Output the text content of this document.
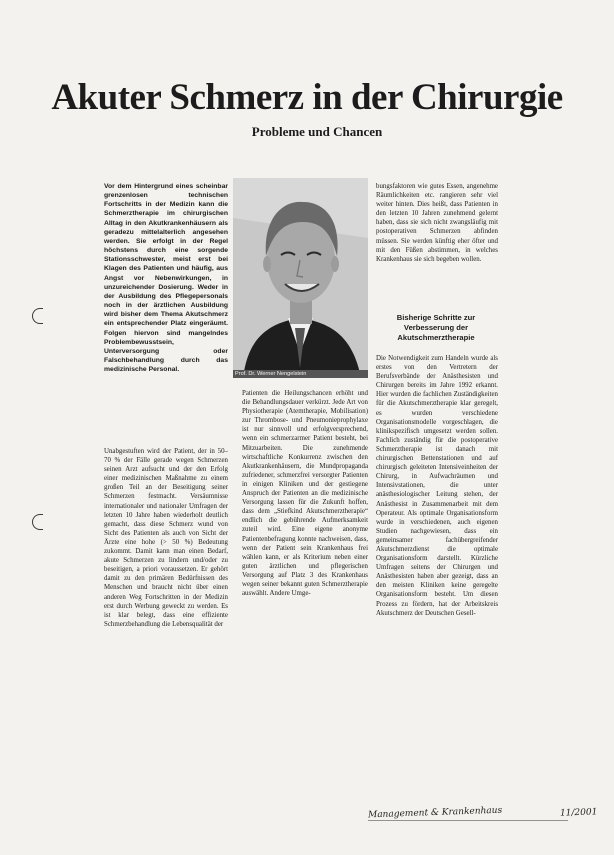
Akuter Schmerz in der Chirurgie
Probleme und Chancen

Vor dem Hintergrund eines scheinbar grenzenlosen technischen Fortschritts in der Medizin kann die Schmerztherapie im chirurgischen Alltag in den Akutkrankenhäusern als geradezu mittelalterlich angesehen werden. Sie erfolgt in der Regel höchstens durch eine sorgende Stationsschwester, meist erst bei Klagen des Patienten und häufig, aus Angst vor Nebenwirkungen, in unzureichender Dosierung. Weder in der Ausbildung des Pflegepersonals noch in der ärztlichen Ausbildung wird bisher dem Thema Akutschmerz ein entsprechender Platz eingeräumt. Folgen hiervon sind mangelndes Problembewusstsein, Unterversorgung oder Falschbehandlung durch das medizinische Personal.

Unabgestuften wird der Patient, der in 50–70 % der Fälle gerade wegen Schmerzen seinen Arzt aufsucht und der den Erfolg einer medizinischen Maßnahme zu einem großen Teil an der Beseitigung seiner Schmerzen festmacht. Versäumnisse internationaler und nationaler Umfragen der letzten 10 Jahre haben wiederholt deutlich gemacht, dass diese Schmerz wund von Sicht des Patienten als auch von Sicht der Ärzte eine hohe (> 50 %) Bedeutung zukommt. Damit kann man einen Bedarf, akute Schmerzen zu lindern und/oder zu beseitigen, a priori voraussetzen. Er gehört damit zu den primären Bedürfnissen des Menschen und braucht nicht über einen anderen Weg Fortschritten in der Medizin erst durch Werbung geweckt zu werden. Es ist klar belegt, dass eine effiziente Schmerzbehandlung die Lebensqualität der

Prof. Dr. Werner Nengelstein

Patienten die Heilungschancen erhöht und die Behandlungsdauer verkürzt. Jede Art von Physiotherapie (Atemtherapie, Mobilisation) zur Thrombose- und Pneumonieprophylaxe ist nur sinnvoll und erfolgversprechend, wenn ein schmerzarmer Patient besteht, bei Mitzuarbeiten. Die zunehmende wirtschaftliche Konkurrenz zwischen den Akutkrankenhäusern, die Mundpropaganda zufriedener, schmerzfrei versorgter Patienten in einigen Kliniken und der gestiegene Anspruch der Patienten an die medizinische Versorgung lassen für die Zukunft hoffen, dass dem „Stiefkind Akutschmerztherapie“ endlich die gebührende Aufmerksamkeit zuteil wird. Eine eigene anonyme Patientenbefragung konnte nachweisen, dass, wenn der Patient sein Krankenhaus frei wählen kann, er als Kriterium neben einer guten ärztlichen und pflegerischen Versorgung auf Platz 3 des Krankenhaus wegen seiner bekannt guten Schmerztherapie auswählt. Andere Umge-

bungsfaktoren wie gutes Essen, angenehme Räumlichkeiten etc. rangieren sehr viel weiter hinten. Dies heißt, dass Patienten in den letzten 10 Jahren zunehmend gelernt haben, dass sie sich nicht zwangsläufig mit postoperativen Schmerzen abfinden müssen. Sie werden künftig eher öfter und mit den Füßen abstimmen, in welches Krankenhaus sie sich begeben wollen.

Bisherige Schritte zur Verbesserung der Akutschmerztherapie

Die Notwendigkeit zum Handeln wurde als erstes von den Vertretern der Berufsverbände der Anästhesisten und Chirurgen bereits im Jahre 1992 erkannt. Hier wurden die fachlichen Zuständigkeiten für die Akutschmerztherapie klar geregelt, es wurden verschiedene Organisationsmodelle vorgeschlagen, die klinikspezifisch umgesetzt werden sollen. Fachlich zuständig für die postoperative Schmerztherapie ist danach mit chirurgischen Bettenstationen und auf chirurgisch geleiteten Intensiveinheiten der Chirurg, in Aufwachräumen und Intensivstationen, die unter anästhesiologischer Leitung stehen, der Anästhesist in Zusammenarbeit mit dem Operateur. Als optimale Organisationsform wurde in verschiedenen, auch eigenen Studien nachgewiesen, dass ein gemeinsamer fachübergreifender Akutschmerzdienst die optimale Organisationsform darstellt. Kürzliche Umfragen seitens der Chirurgen und Anästhesisten haben aber gezeigt, dass an den meisten Kliniken keine geregelte Organisationsform besteht. Um diesen Prozess zu fördern, hat der Arbeitskreis Akutschmerz der Deutschen Gesell-

Management & Krankenhaus	11/2001
